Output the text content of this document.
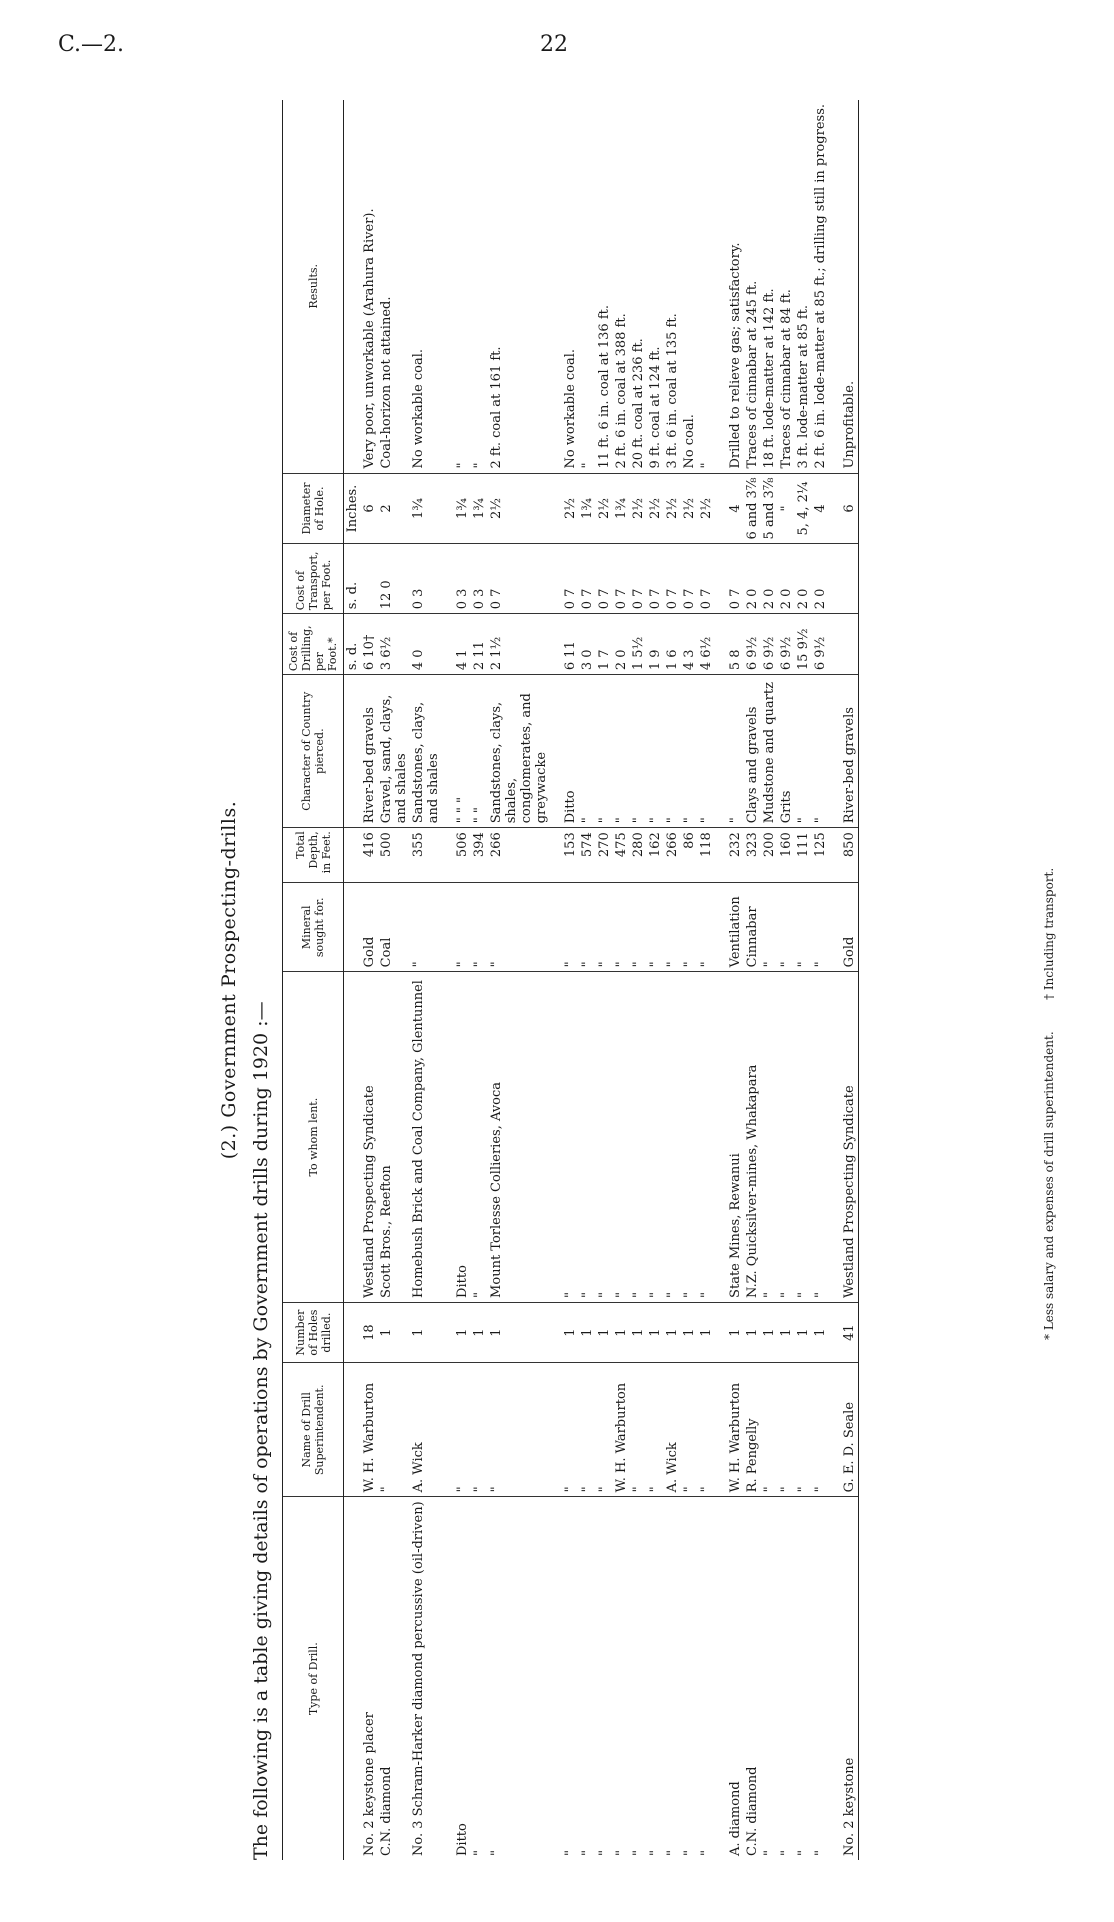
C.—2.	22
(2.) Government Prospecting-drills.
The following is a table giving details of operations by Government drills during 1920 :—	Type of Drill.	Name of Drill Superintendent.	Number of Holes drilled.	To whom lent.	Mineral sought for.	Total Depth, in Feet.	Character of Country pierced.	Cost of Drilling, per Foot.*	Cost of Transport, per Foot.	Diameter of Hole.	Results.
							s. d.	s. d.	Inches.	
No. 2 keystone placer	W. H. Warburton	18	Westland Prospecting Syndicate	Gold	416	River-bed gravels	6 10†		6	Very poor, unworkable (Arahura River).
C.N. diamond	"	1	Scott Bros., Reefton	Coal	500	Gravel, sand, clays, and shales	3 6½	12 0	2	Coal-horizon not attained.
No. 3 Schram-Harker diamond percussive (oil-driven)	A. Wick	1	Homebush Brick and Coal Company, Glentunnel	"	355	Sandstones, clays, and shales	4 0	0 3	1¾	No workable coal.

Ditto	"	1	Ditto	"	506	" " "	4 1	0 3	1¾	"
"	"	1	"	"	394	" "	2 11	0 3	1¾	"
"	"	1	Mount Torlesse Collieries, Avoca	"	266	Sandstones, clays, shales, conglomerates, and greywacke	2 1½	0 7	2½	2 ft. coal at 161 ft.

"	"	1	"	"	153	Ditto	6 11	0 7	2½	No workable coal.
"	"	1	"	"	574	"	3 0	0 7	1¾	"
"	"	1	"	"	270	"	1 7	0 7	2½	11 ft. 6 in. coal at 136 ft.
"	W. H. Warburton	1	"	"	475	"	2 0	0 7	1¾	2 ft. 6 in. coal at 388 ft.
"	"	1	"	"	280	"	1 5½	0 7	2½	20 ft. coal at 236 ft.
"	"	1	"	"	162	"	1 9	0 7	2½	9 ft. coal at 124 ft.
"	A. Wick	1	"	"	266	"	1 6	0 7	2½	3 ft. 6 in. coal at 135 ft.
"	"	1	"	"	86	"	4 3	0 7	2½	No coal.
"	"	1	"	"	118	"	4 6½	0 7	2½	"

A. diamond	W. H. Warburton	1	State Mines, Rewanui	Ventilation	232	"	5 8	0 7	4	Drilled to relieve gas; satisfactory.
C.N. diamond	R. Pengelly	1	N.Z. Quicksilver-mines, Whakapara	Cinnabar	323	Clays and gravels	6 9½	2 0	6 and 3⅞	Traces of cinnabar at 245 ft.
"	"	1	"	"	200	Mudstone and quartz	6 9½	2 0	5 and 3⅞	18 ft. lode-matter at 142 ft.
"	"	1	"	"	160	Grits	6 9½	2 0	"	Traces of cinnabar at 84 ft.
"	"	1	"	"	111	"	15 9½	2 0	5, 4, 2¼	3 ft. lode-matter at 85 ft.
"	"	1	"	"	125	"	6 9½	2 0	4	2 ft. 6 in. lode-matter at 85 ft.; drilling still in progress.

No. 2 keystone	G. E. D. Seale	41	Westland Prospecting Syndicate	Gold	850	River-bed gravels			6	Unprofitable.
* Less salary and expenses of drill superintendent.
† Including transport.
